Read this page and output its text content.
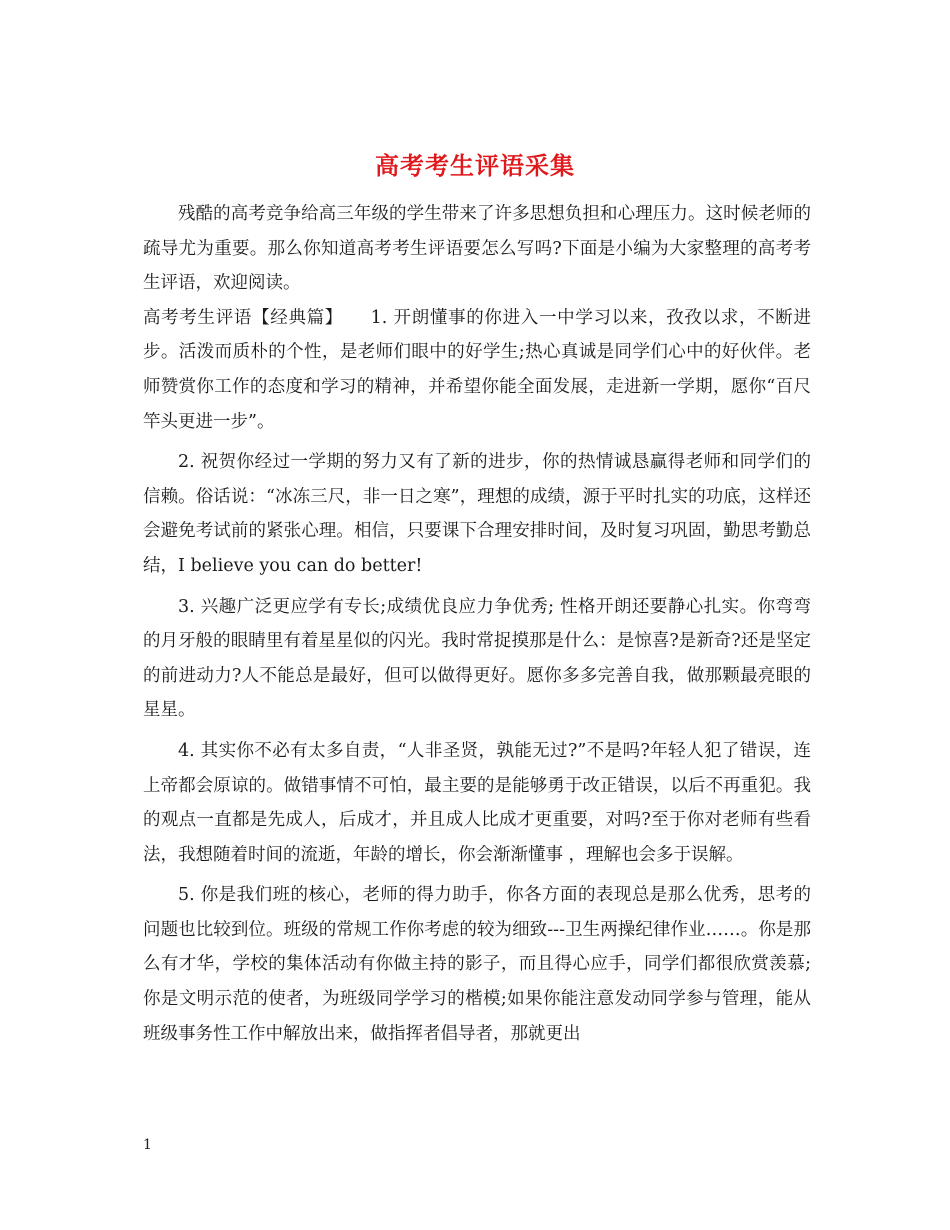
高考考生评语采集

残酷的高考竞争给高三年级的学生带来了许多思想负担和心理压力。这时候老师的疏导尤为重要。那么你知道高考考生评语要怎么写吗?下面是小编为大家整理的高考考生评语，欢迎阅读。

高考考生评语【经典篇】　　1. 开朗懂事的你进入一中学习以来，孜孜以求，不断进步。活泼而质朴的个性，是老师们眼中的好学生;热心真诚是同学们心中的好伙伴。老师赞赏你工作的态度和学习的精神，并希望你能全面发展，走进新一学期，愿你“百尺竿头更进一步”。

2. 祝贺你经过一学期的努力又有了新的进步，你的热情诚恳赢得老师和同学们的信赖。俗话说：“冰冻三尺，非一日之寒”，理想的成绩，源于平时扎实的功底，这样还会避免考试前的紧张心理。相信，只要课下合理安排时间，及时复习巩固，勤思考勤总结，I believe you can do better!

3. 兴趣广泛更应学有专长;成绩优良应力争优秀; 性格开朗还要静心扎实。你弯弯的月牙般的眼睛里有着星星似的闪光。我时常捉摸那是什么：是惊喜?是新奇?还是坚定的前进动力?人不能总是最好，但可以做得更好。愿你多多完善自我，做那颗最亮眼的星星。

4. 其实你不必有太多自责，“人非圣贤，孰能无过?”不是吗?年轻人犯了错误，连上帝都会原谅的。做错事情不可怕，最主要的是能够勇于改正错误，以后不再重犯。我的观点一直都是先成人，后成才，并且成人比成才更重要，对吗?至于你对老师有些看法，我想随着时间的流逝，年龄的增长，你会渐渐懂事 ，理解也会多于误解。

5. 你是我们班的核心，老师的得力助手，你各方面的表现总是那么优秀，思考的问题也比较到位。班级的常规工作你考虑的较为细致---卫生两操纪律作业……。你是那么有才华，学校的集体活动有你做主持的影子，而且得心应手，同学们都很欣赏羡慕;你是文明示范的使者，为班级同学学习的楷模;如果你能注意发动同学参与管理，能从班级事务性工作中解放出来，做指挥者倡导者，那就更出

1
